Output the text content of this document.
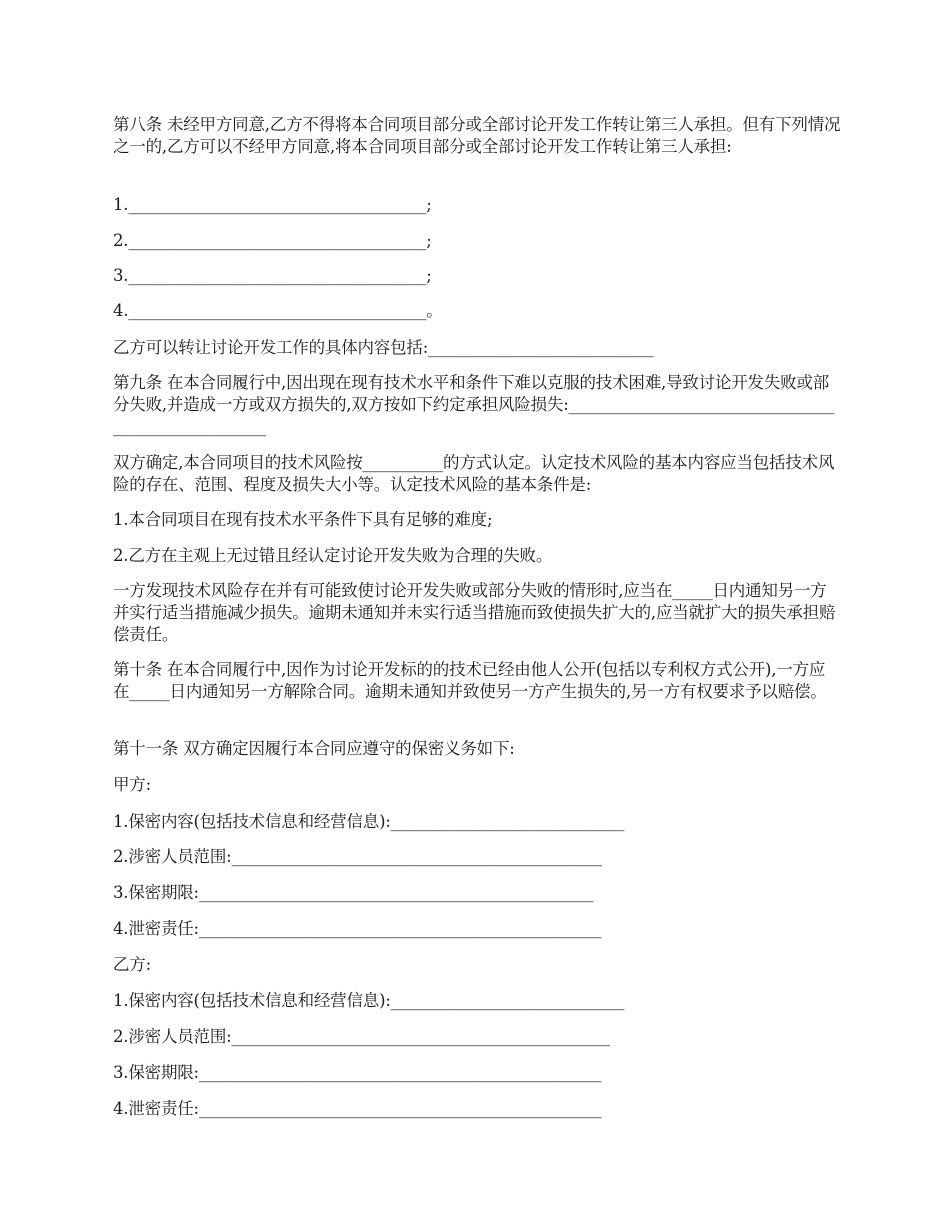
第八条 未经甲方同意,乙方不得将本合同项目部分或全部讨论开发工作转让第三人承担。但有下列情况之一的,乙方可以不经甲方同意,将本合同项目部分或全部讨论开发工作转让第三人承担:

1._____________________________________;

2._____________________________________;

3._____________________________________;

4._____________________________________。

乙方可以转让讨论开发工作的具体内容包括:____________________________

第九条 在本合同履行中,因出现在现有技术水平和条件下难以克服的技术困难,导致讨论开发失败或部分失败,并造成一方或双方损失的,双方按如下约定承担风险损失:____________________________________________________

双方确定,本合同项目的技术风险按__________的方式认定。认定技术风险的基本内容应当包括技术风险的存在、范围、程度及损失大小等。认定技术风险的基本条件是:

1.本合同项目在现有技术水平条件下具有足够的难度;

2.乙方在主观上无过错且经认定讨论开发失败为合理的失败。

一方发现技术风险存在并有可能致使讨论开发失败或部分失败的情形时,应当在_____日内通知另一方并实行适当措施减少损失。逾期未通知并未实行适当措施而致使损失扩大的,应当就扩大的损失承担赔偿责任。

第十条 在本合同履行中,因作为讨论开发标的的技术已经由他人公开(包括以专利权方式公开),一方应在_____日内通知另一方解除合同。逾期未通知并致使另一方产生损失的,另一方有权要求予以赔偿。

第十一条 双方确定因履行本合同应遵守的保密义务如下:

甲方:

1.保密内容(包括技术信息和经营信息):_____________________________

2.涉密人员范围:______________________________________________

3.保密期限:_________________________________________________

4.泄密责任:__________________________________________________

乙方:

1.保密内容(包括技术信息和经营信息):_____________________________

2.涉密人员范围:_______________________________________________

3.保密期限:__________________________________________________

4.泄密责任:__________________________________________________
